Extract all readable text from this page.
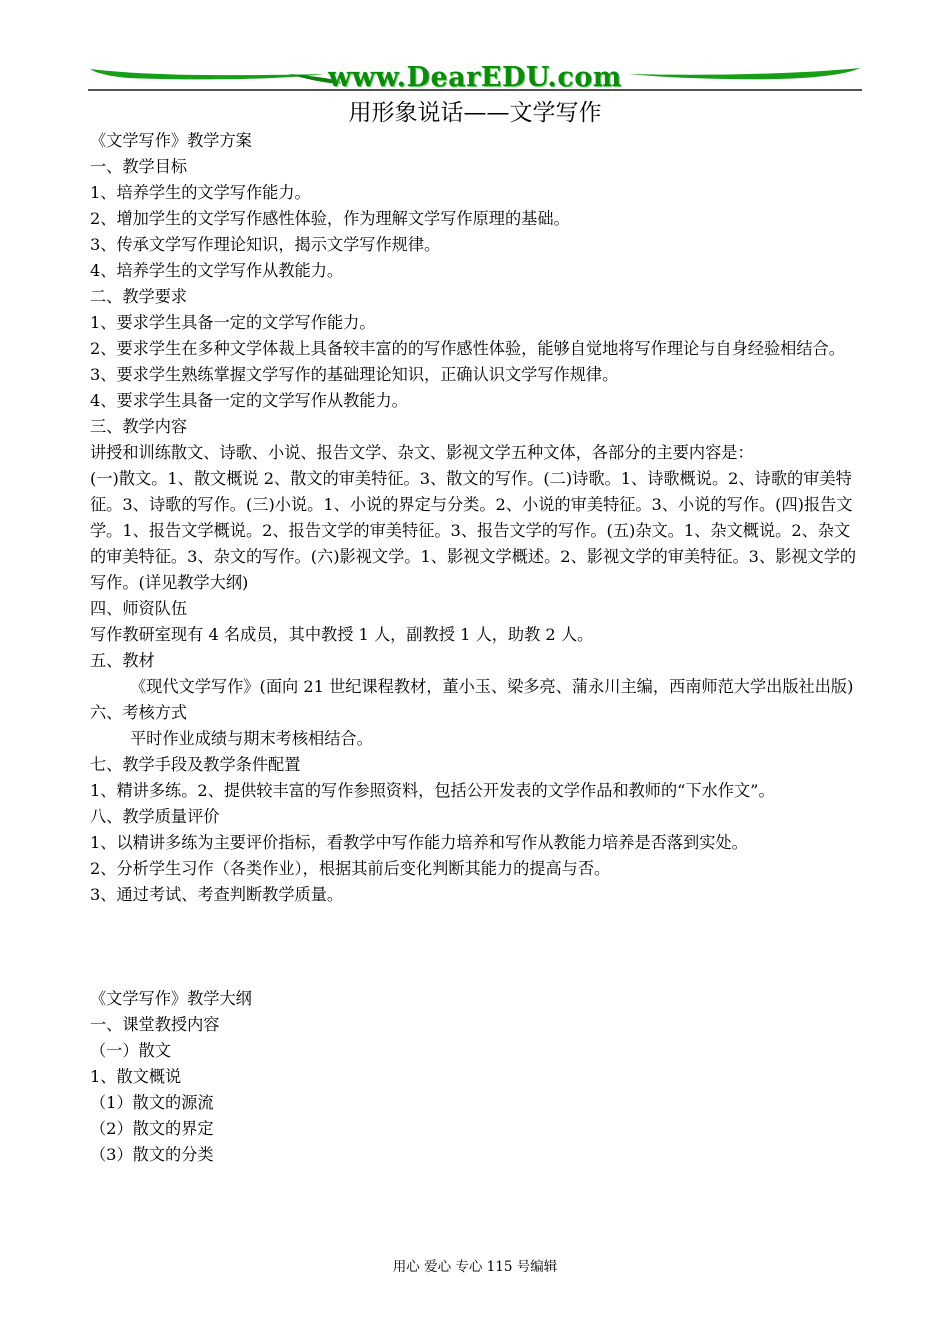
www.DearEDU.com
用形象说话——文学写作

《文学写作》教学方案

一、教学目标

1、培养学生的文学写作能力。

2、增加学生的文学写作感性体验，作为理解文学写作原理的基础。

3、传承文学写作理论知识，揭示文学写作规律。

4、培养学生的文学写作从教能力。

二、教学要求

1、要求学生具备一定的文学写作能力。

2、要求学生在多种文学体裁上具备较丰富的的写作感性体验，能够自觉地将写作理论与自身经验相结合。

3、要求学生熟练掌握文学写作的基础理论知识，正确认识文学写作规律。

4、要求学生具备一定的文学写作从教能力。

三、教学内容

讲授和训练散文、诗歌、小说、报告文学、杂文、影视文学五种文体，各部分的主要内容是：

(一)散文。1、散文概说 2、散文的审美特征。3、散文的写作。(二)诗歌。1、诗歌概说。2、诗歌的审美特征。3、诗歌的写作。(三)小说。1、小说的界定与分类。2、小说的审美特征。3、小说的写作。(四)报告文学。1、报告文学概说。2、报告文学的审美特征。3、报告文学的写作。(五)杂文。1、杂文概说。2、杂文的审美特征。3、杂文的写作。(六)影视文学。1、影视文学概述。2、影视文学的审美特征。3、影视文学的写作。(详见教学大纲)

四、师资队伍

写作教研室现有 4 名成员，其中教授 1 人，副教授 1 人，助教 2 人。

五、教材

《现代文学写作》(面向 21 世纪课程教材，董小玉、梁多亮、蒲永川主编，西南师范大学出版社出版)

六、考核方式

平时作业成绩与期末考核相结合。

七、教学手段及教学条件配置

1、精讲多练。2、提供较丰富的写作参照资料，包括公开发表的文学作品和教师的“下水作文”。

八、教学质量评价

1、以精讲多练为主要评价指标，看教学中写作能力培养和写作从教能力培养是否落到实处。

2、分析学生习作（各类作业），根据其前后变化判断其能力的提高与否。

3、通过考试、考查判断教学质量。

《文学写作》教学大纲

一、课堂教授内容

（一）散文

1、散文概说

（1）散文的源流

（2）散文的界定

（3）散文的分类

用心 爱心 专心 115 号编辑
